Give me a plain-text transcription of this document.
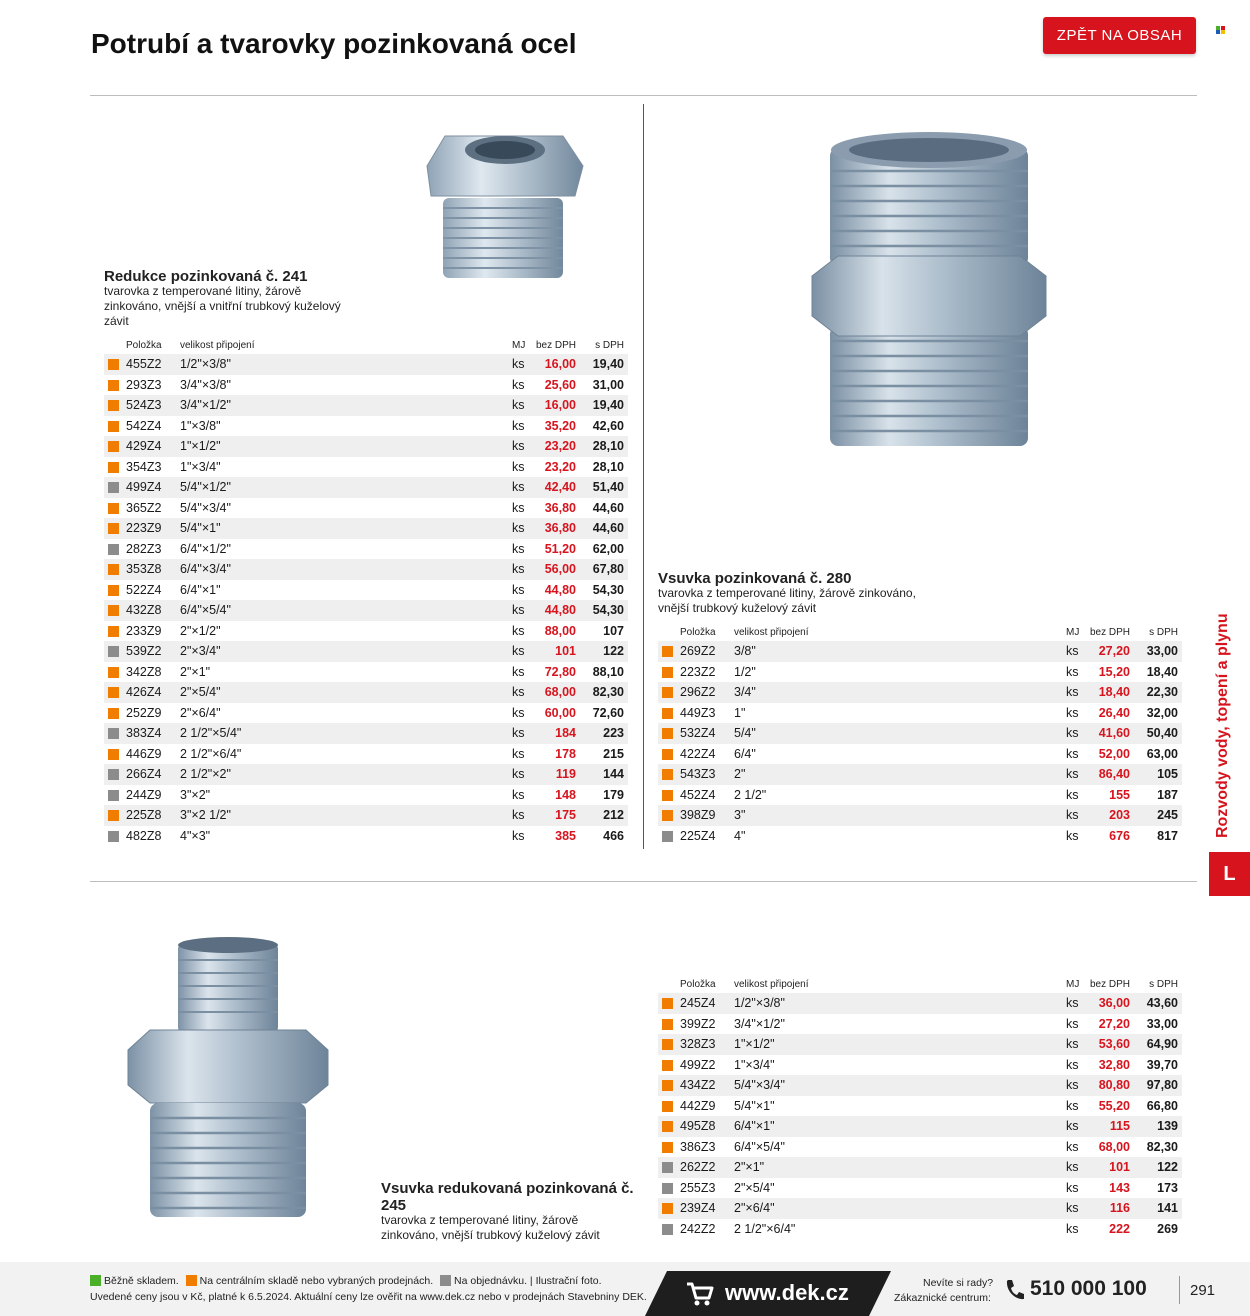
Potrubí a tvarovky pozinkovaná ocel	ZPĚT NA OBSAH
Rozvody vody, topení a plynu
L
Redukce pozinkovaná č. 241
tvarovka z temperované litiny, žárově zinkováno, vnější a vnitřní trubkový kuželový závit
Položka		velikost připojení	MJ	bez DPH	s DPH
	455Z2	1/2"×3/8"	ks	16,00	19,40
	293Z3	3/4"×3/8"	ks	25,60	31,00
	524Z3	3/4"×1/2"	ks	16,00	19,40
	542Z4	1"×3/8"	ks	35,20	42,60
	429Z4	1"×1/2"	ks	23,20	28,10
	354Z3	1"×3/4"	ks	23,20	28,10
	499Z4	5/4"×1/2"	ks	42,40	51,40
	365Z2	5/4"×3/4"	ks	36,80	44,60
	223Z9	5/4"×1"	ks	36,80	44,60
	282Z3	6/4"×1/2"	ks	51,20	62,00
	353Z8	6/4"×3/4"	ks	56,00	67,80
	522Z4	6/4"×1"	ks	44,80	54,30
	432Z8	6/4"×5/4"	ks	44,80	54,30
	233Z9	2"×1/2"	ks	88,00	107
	539Z2	2"×3/4"	ks	101	122
	342Z8	2"×1"	ks	72,80	88,10
	426Z4	2"×5/4"	ks	68,00	82,30
	252Z9	2"×6/4"	ks	60,00	72,60
	383Z4	2 1/2"×5/4"	ks	184	223
	446Z9	2 1/2"×6/4"	ks	178	215
	266Z4	2 1/2"×2"	ks	119	144
	244Z9	3"×2"	ks	148	179
	225Z8	3"×2 1/2"	ks	175	212
	482Z8	4"×3"	ks	385	466
Vsuvka pozinkovaná č. 280
tvarovka z temperované litiny, žárově zinkováno, vnější trubkový kuželový závit
Položka		velikost připojení	MJ	bez DPH	s DPH
	269Z2	3/8"	ks	27,20	33,00
	223Z2	1/2"	ks	15,20	18,40
	296Z2	3/4"	ks	18,40	22,30
	449Z3	1"	ks	26,40	32,00
	532Z4	5/4"	ks	41,60	50,40
	422Z4	6/4"	ks	52,00	63,00
	543Z3	2"	ks	86,40	105
	452Z4	2 1/2"	ks	155	187
	398Z9	3"	ks	203	245
	225Z4	4"	ks	676	817
Vsuvka redukovaná pozinkovaná č. 245
tvarovka z temperované litiny, žárově zinkováno, vnější trubkový kuželový závit
Položka		velikost připojení	MJ	bez DPH	s DPH
	245Z4	1/2"×3/8"	ks	36,00	43,60
	399Z2	3/4"×1/2"	ks	27,20	33,00
	328Z3	1"×1/2"	ks	53,60	64,90
	499Z2	1"×3/4"	ks	32,80	39,70
	434Z2	5/4"×3/4"	ks	80,80	97,80
	442Z9	5/4"×1"	ks	55,20	66,80
	495Z8	6/4"×1"	ks	115	139
	386Z3	6/4"×5/4"	ks	68,00	82,30
	262Z2	2"×1"	ks	101	122
	255Z3	2"×5/4"	ks	143	173
	239Z4	2"×6/4"	ks	116	141
	242Z2	2 1/2"×6/4"	ks	222	269
Běžně skladem. Na centrálním skladě nebo vybraných prodejnách. Na objednávku. | Ilustrační foto.
Uvedené ceny jsou v Kč, platné k 6.5.2024. Aktuální ceny lze ověřit na www.dek.cz nebo v prodejnách Stavebniny DEK.	www.dek.cz	Nevíte si rady?
Zákaznické centrum: 510 000 100	291
